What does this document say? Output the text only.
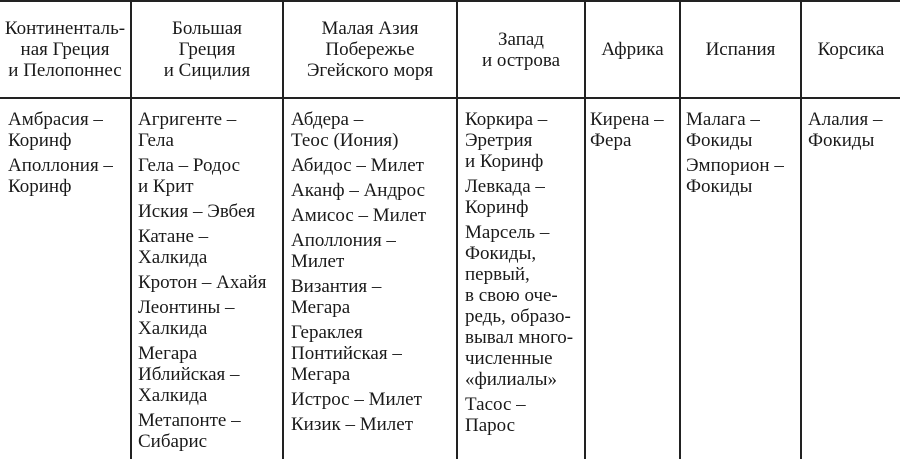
Континенталь-
ная Греция
и Пелопоннес
Большая
Греция
и Сицилия
Малая Азия
Побережье
Эгейского моря
Запад
и острова Африка Испания Корсика
Амбрасия –
Коринф
Аполлония –
Коринф
Агригенте –
Гела
Гела – Родос
и Крит
Иския – Эвбея
Катане –
Халкида
Кротон – Ахайя
Леонтины –
Халкида
Мегара
Иблийская –
Халкида
Метапонте –
Сибарис
Абдера –
Теос (Иония)
Абидос – Милет
Аканф – Андрос
Амисос – Милет
Аполлония –
Милет
Византия –
Мегара
Гераклея
Понтийская –
Мегара
Истрос – Милет
Кизик – Милет
Коркира –
Эретрия
и Коринф
Левкада –
Коринф
Марсель –
Фокиды,
первый,
в свою оче-
редь, образо-
вывал много-
численные
«филиалы»
Тасос –
Парос
Кирена –
Фера
Малага –
Фокиды
Эмпорион –
Фокиды
Алалия –
Фокиды
